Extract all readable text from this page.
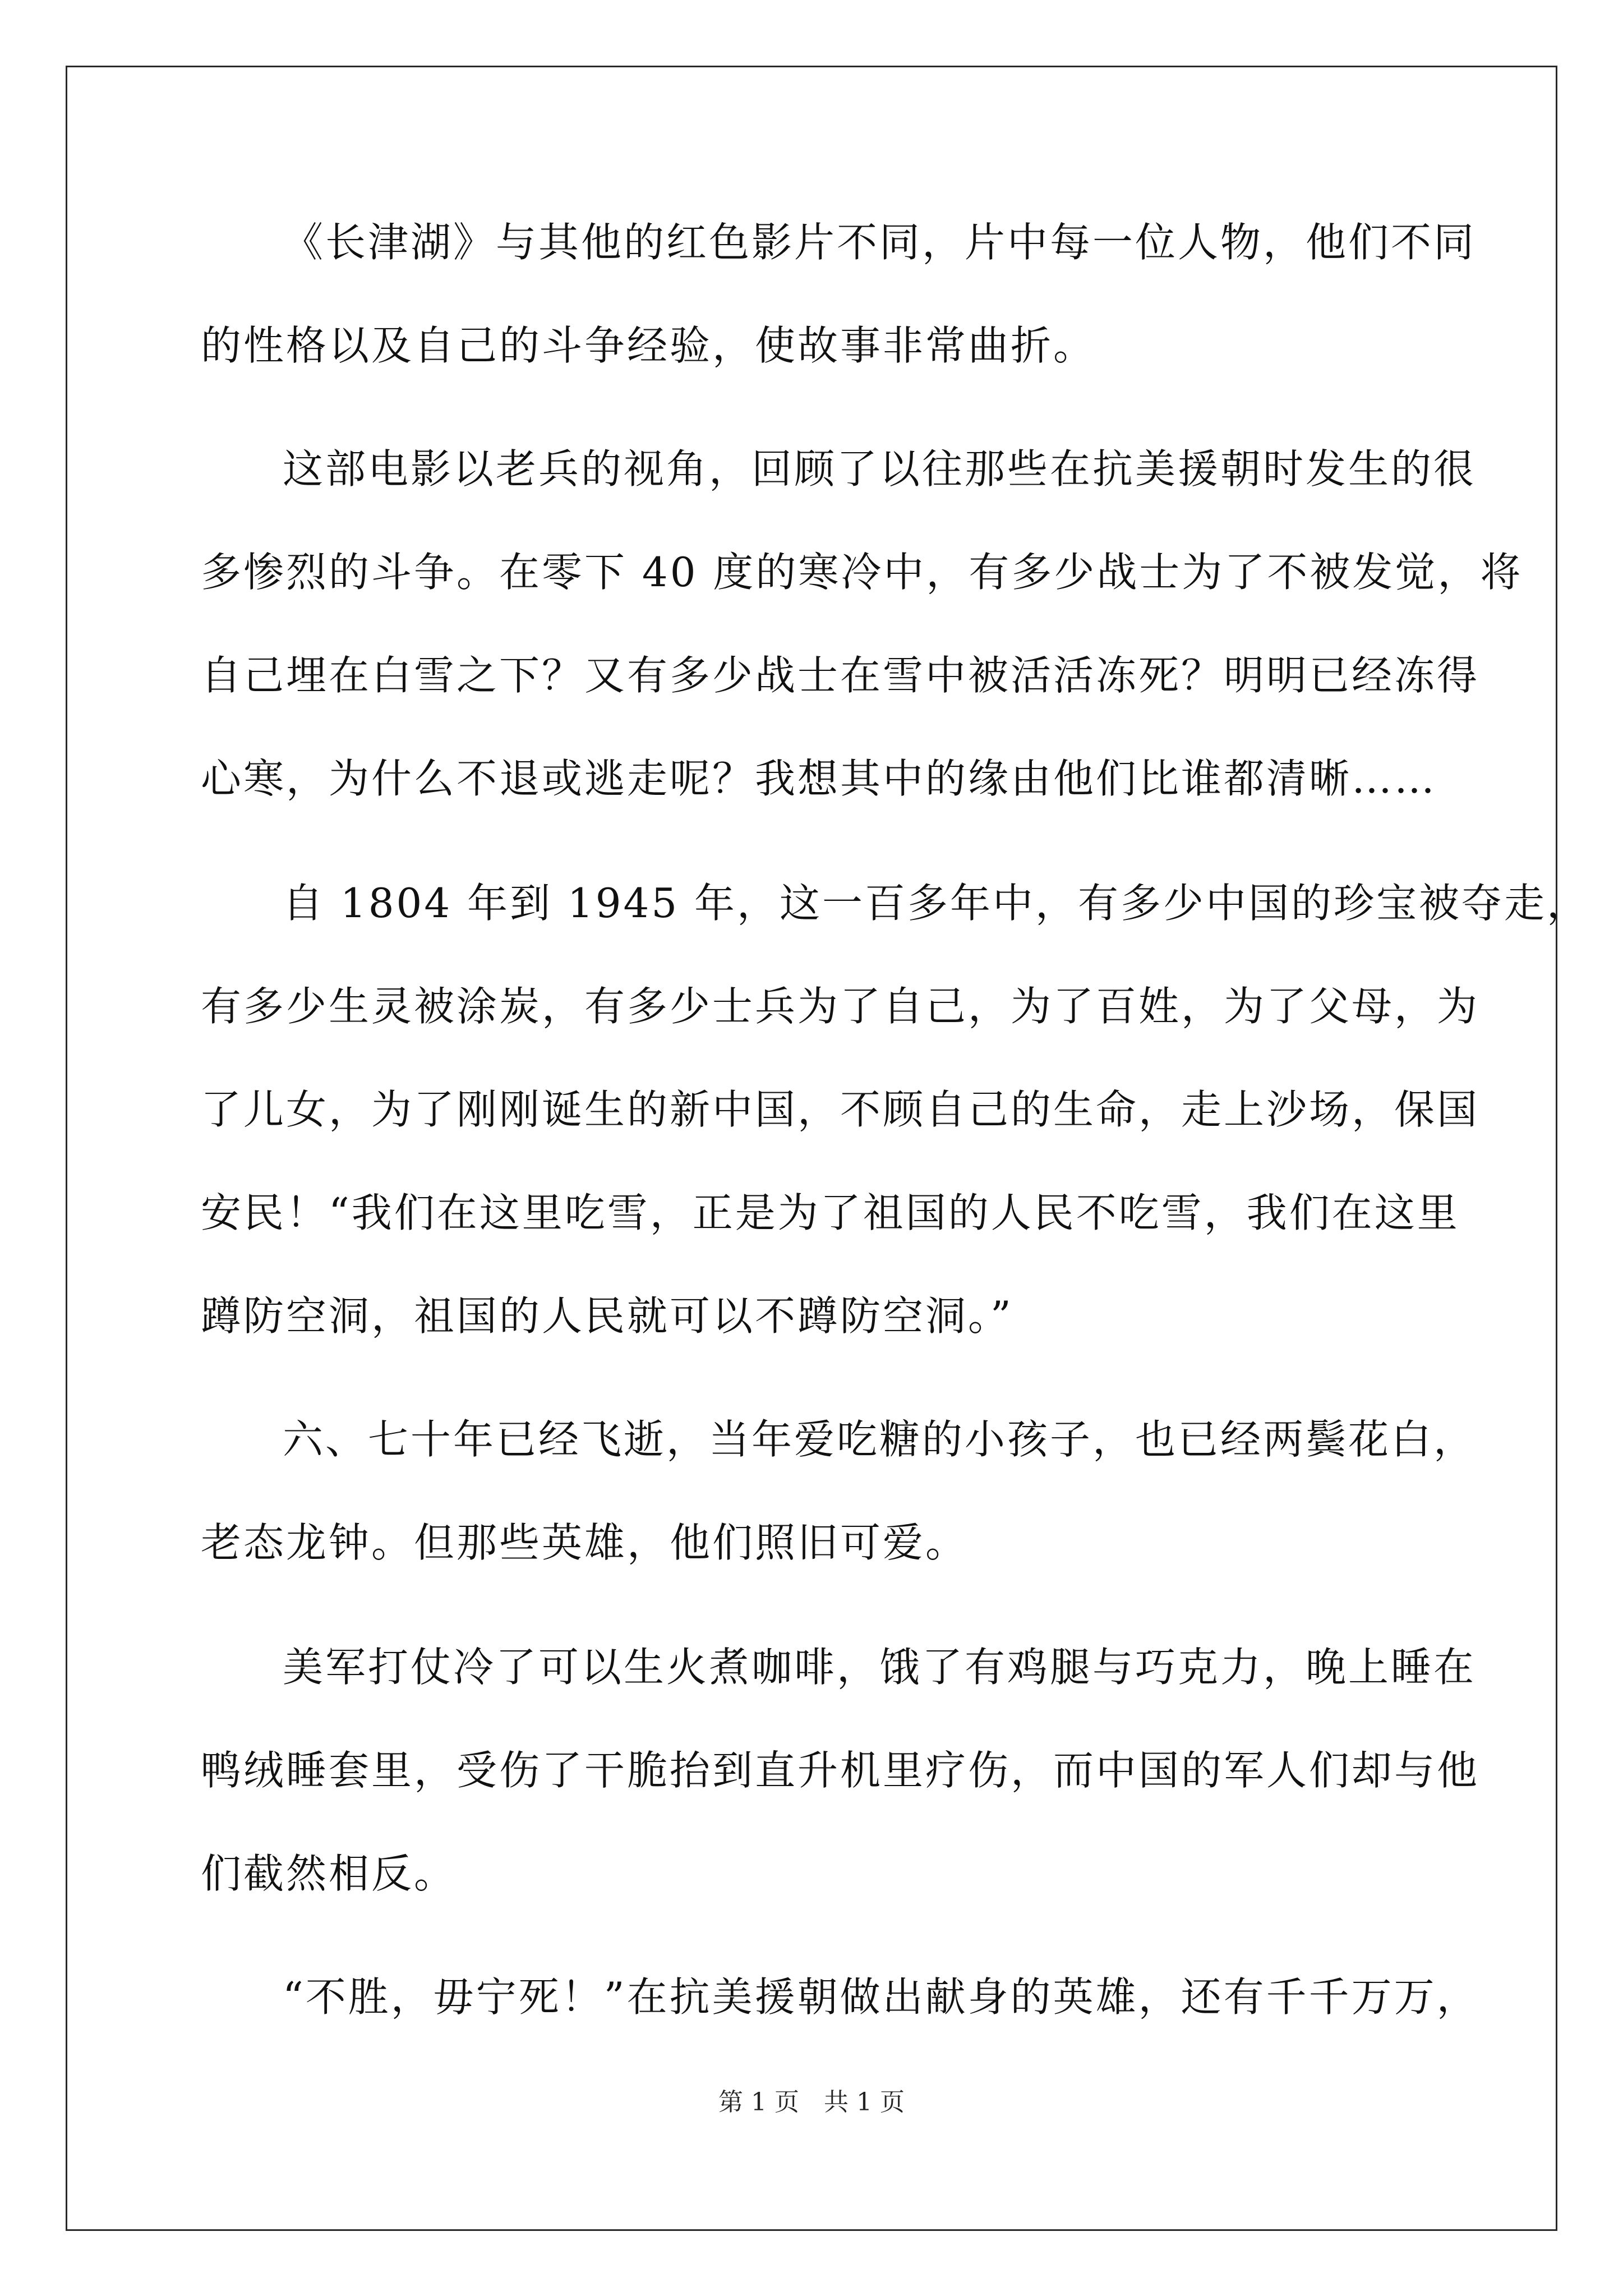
《长津湖》与其他的红色影片不同，片中每一位人物，他们不同
的性格以及自己的斗争经验，使故事非常曲折。
这部电影以老兵的视角，回顾了以往那些在抗美援朝时发生的很
多惨烈的斗争。在零下 40 度的寒冷中，有多少战士为了不被发觉，将
自己埋在白雪之下？又有多少战士在雪中被活活冻死？明明已经冻得
心寒，为什么不退或逃走呢？我想其中的缘由他们比谁都清晰……
自 1804 年到 1945 年，这一百多年中，有多少中国的珍宝被夺走，
有多少生灵被涂炭，有多少士兵为了自己，为了百姓，为了父母，为
了儿女，为了刚刚诞生的新中国，不顾自己的生命，走上沙场，保国
安民！“我们在这里吃雪，正是为了祖国的人民不吃雪，我们在这里
蹲防空洞，祖国的人民就可以不蹲防空洞。”
六、七十年已经飞逝，当年爱吃糖的小孩子，也已经两鬓花白，
老态龙钟。但那些英雄，他们照旧可爱。
美军打仗冷了可以生火煮咖啡，饿了有鸡腿与巧克力，晚上睡在
鸭绒睡套里，受伤了干脆抬到直升机里疗伤，而中国的军人们却与他
们截然相反。
“不胜，毋宁死！”在抗美援朝做出献身的英雄，还有千千万万，
第 1 页　共 1 页
